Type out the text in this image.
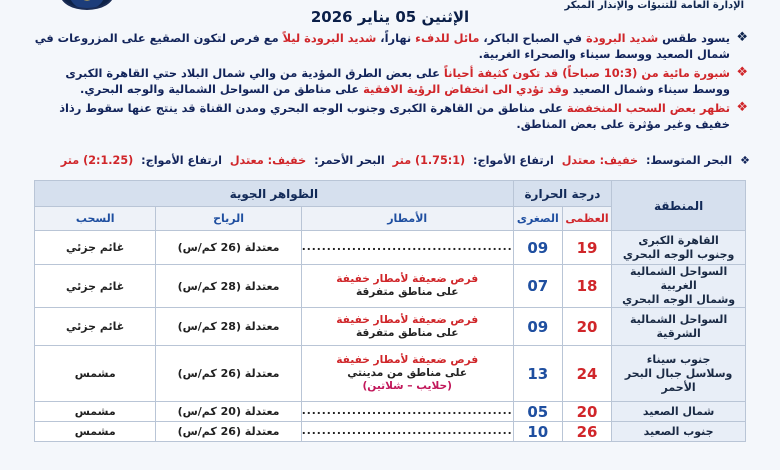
الإدارة العامة للتنبؤات والإنذار المبكر
الإثنين 05 يناير 2026
❖
يسود طقس شديد البرودة في الصباح الباكر، مائل للدفء نهاراً، شديد البرودة ليلاً مع فرص لتكون الصقيع على المزروعات في شمال الصعيد ووسط سيناء والصحراء الغربية.
❖
شبورة مائية من (10:3 صباحاً) قد تكون كثيفة أحياناً على بعض الطرق المؤدية من والي شمال البلاد حتي القاهرة الكبرى ووسط سيناء وشمال الصعيد وقد تؤدي الى انخفاض الرؤية الافقية على مناطق من السواحل الشمالية والوجه البحري.
❖
تظهر بعض السحب المنخفضة على مناطق من القاهرة الكبرى وجنوب الوجه البحري ومدن القناة قد ينتج عنها سقوط رذاذ خفيف وغير مؤثرة على بعض المناطق.
❖ البحر المتوسط: خفيف: معتدل ارتفاع الأمواج: (1.75:1) متر البحر الأحمر: خفيف: معتدل ارتفاع الأمواج: (2:1.25) متر
المنطقة	درجة الحرارة		الظواهر الجوية		
	العظمى	الصغرى	الأمطار	الرياح	السحب

القاهرة الكبرى
وجنوب الوجه البحري	19	09	..........................................	معتدلة (26 كم/س)	غائم جزئي

السواحل الشمالية الغربية
وشمال الوجه البحري	18	07	فرص ضعيفة لأمطار خفيفة
على مناطق متفرقة	معتدلة (28 كم/س)	غائم جزئي

السواحل الشمالية الشرقية	20	09	فرص ضعيفة لأمطار خفيفة
على مناطق متفرقة	معتدلة (28 كم/س)	غائم جزئي

جنوب سيناء
وسلاسل جبال البحر الأحمر	24	13	فرص ضعيفة لأمطار خفيفة
على مناطق من مدينتي
(حلايب – شلاتين)	معتدلة (26 كم/س)	مشمس

شمال الصعيد	20	05	..........................................	معتدلة (20 كم/س)	مشمس

جنوب الصعيد	26	10	..........................................	معتدلة (26 كم/س)	مشمس
